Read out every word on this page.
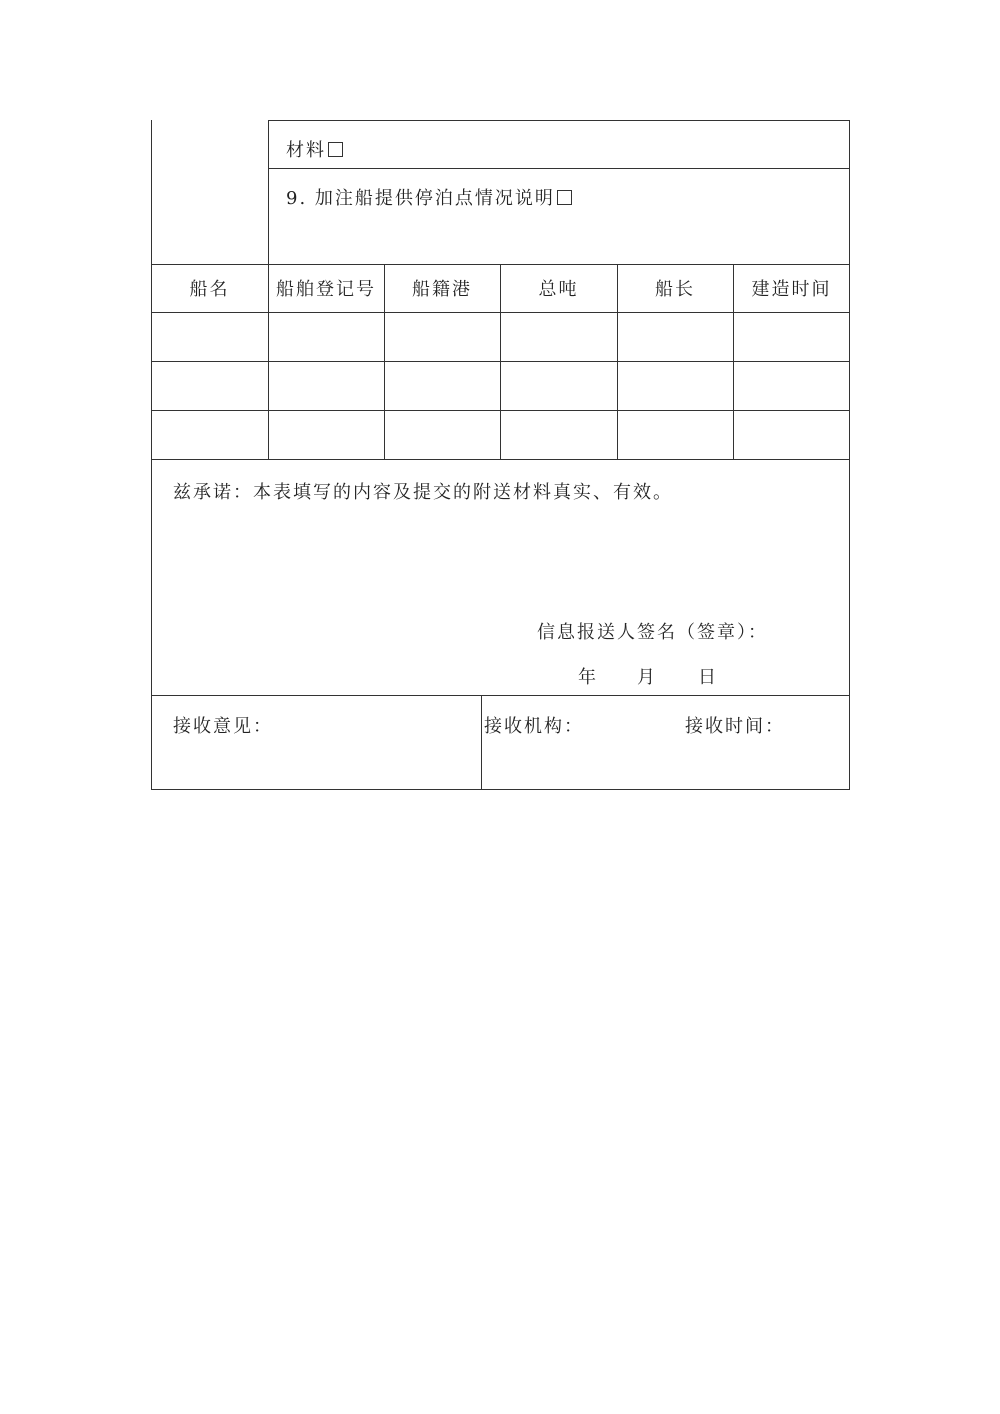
材料
9. 加注船提供停泊点情况说明
船名	船舶登记号	船籍港	总吨	船长	建造时间
兹承诺：本表填写的内容及提交的附送材料真实、有效。
信息报送人签名（签章）：
年 月 日
接收意见：	接收机构：	接收时间：
